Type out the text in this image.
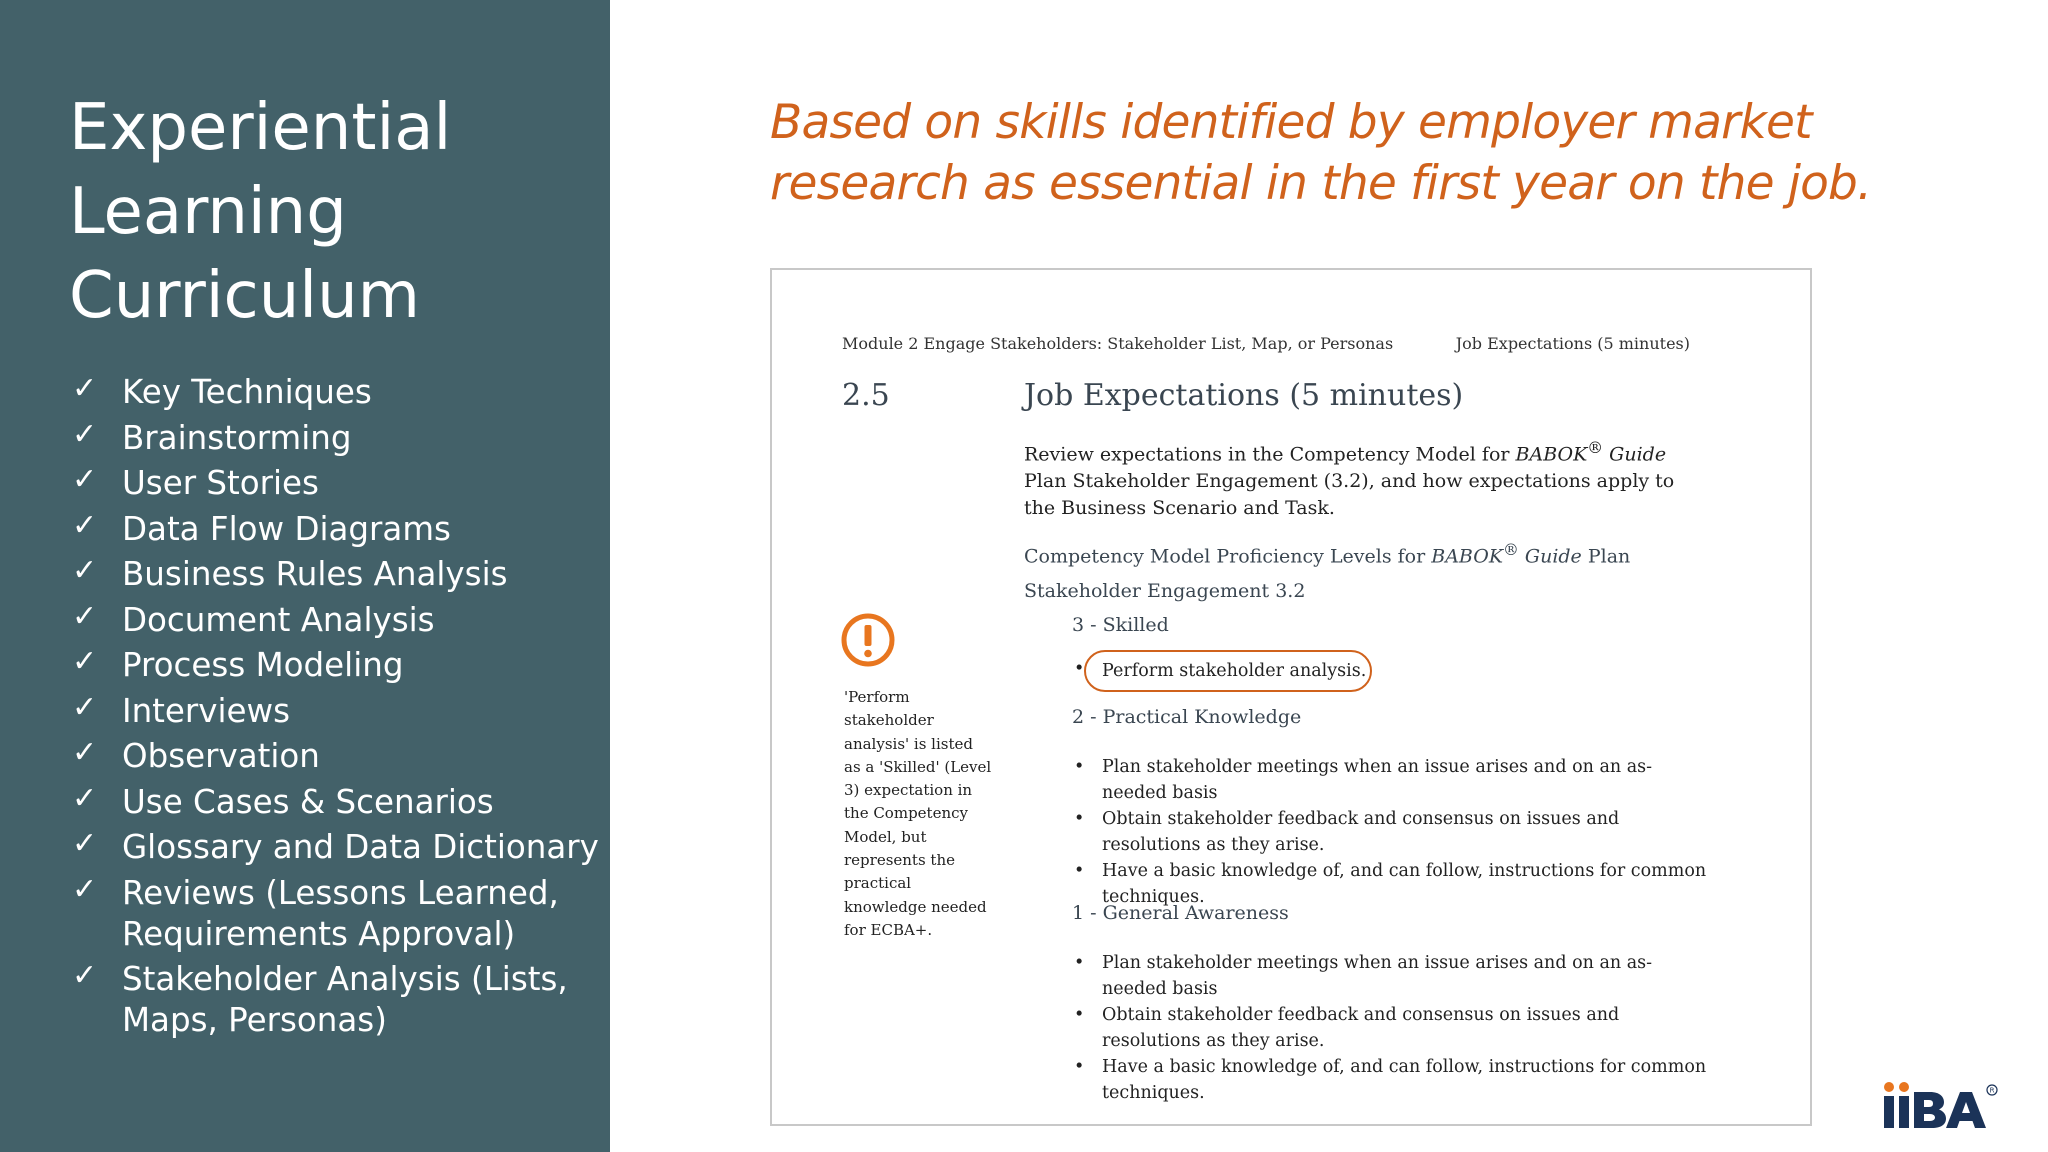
Experiential Learning Curriculum
✓ Key Techniques
✓ Brainstorming
✓ User Stories
✓ Data Flow Diagrams
✓ Business Rules Analysis
✓ Document Analysis
✓ Process Modeling
✓ Interviews
✓ Observation
✓ Use Cases & Scenarios
✓ Glossary and Data Dictionary
✓ Reviews (Lessons Learned, Requirements Approval)
✓ Stakeholder Analysis (Lists, Maps, Personas)
Based on skills identified by employer market research as essential in the first year on the job.
Module 2 Engage Stakeholders: Stakeholder List, Map, or Personas	Job Expectations (5 minutes)
2.5	Job Expectations (5 minutes)
Review expectations in the Competency Model for BABOK® Guide Plan Stakeholder Engagement (3.2), and how expectations apply to the Business Scenario and Task.
Competency Model Proficiency Levels for BABOK® Guide Plan Stakeholder Engagement 3.2
3 - Skilled
•	Perform stakeholder analysis.
2 - Practical Knowledge
• Plan stakeholder meetings when an issue arises and on an as-needed basis
• Obtain stakeholder feedback and consensus on issues and resolutions as they arise.
• Have a basic knowledge of, and can follow, instructions for common techniques.
1 - General Awareness
• Plan stakeholder meetings when an issue arises and on an as-needed basis
• Obtain stakeholder feedback and consensus on issues and resolutions as they arise.
• Have a basic knowledge of, and can follow, instructions for common techniques.
'Perform stakeholder analysis' is listed as a 'Skilled' (Level 3) expectation in the Competency Model, but represents the practical knowledge needed for ECBA+.
R
